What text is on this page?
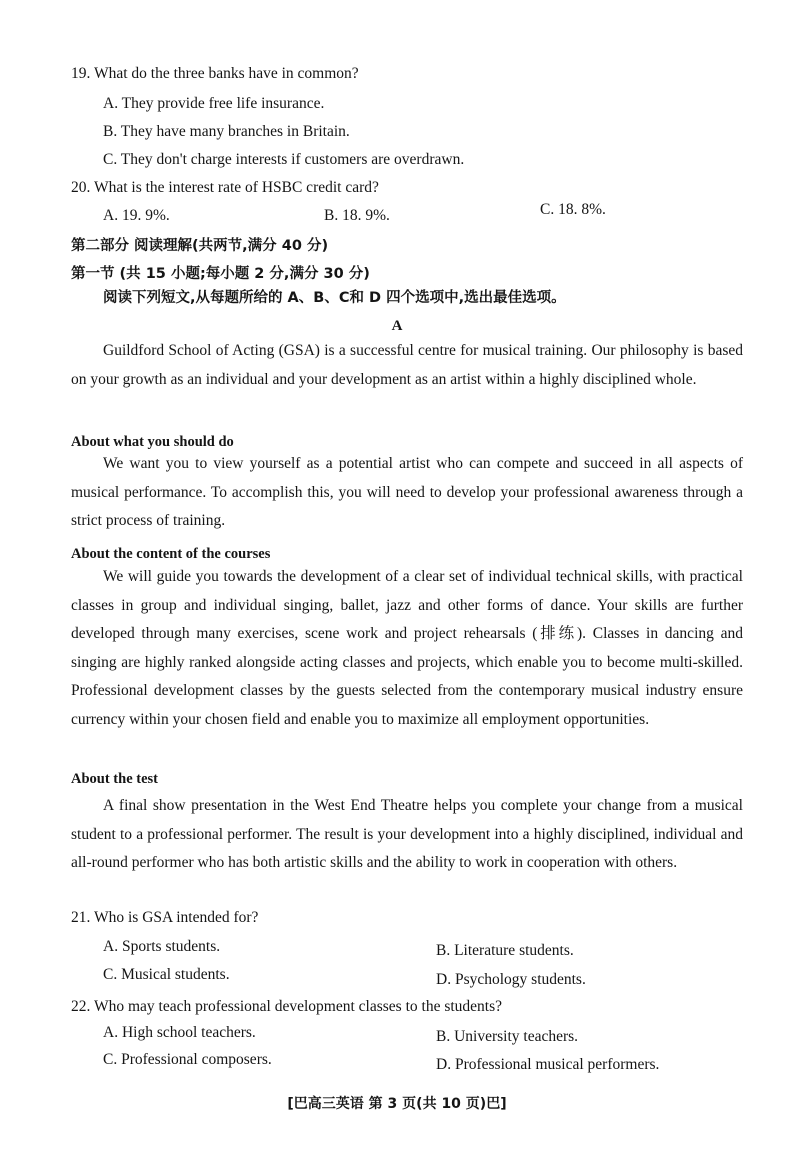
19. What do the three banks have in common?
A. They provide free life insurance.
B. They have many branches in Britain.
C. They don't charge interests if customers are overdrawn.
20. What is the interest rate of HSBC credit card?
A. 19. 9%.	B. 18. 9%.	C. 18. 8%.
第二部分 阅读理解(共两节,满分 40 分)
第一节 (共 15 小题;每小题 2 分,满分 30 分)
阅读下列短文,从每题所给的 A、B、C和 D 四个选项中,选出最佳选项。
A
Guildford School of Acting (GSA) is a successful centre for musical training. Our philosophy is based on your growth as an individual and your development as an artist within a highly disciplined whole.
About what you should do
We want you to view yourself as a potential artist who can compete and succeed in all aspects of musical performance. To accomplish this, you will need to develop your professional awareness through a strict process of training.
About the content of the courses
We will guide you towards the development of a clear set of individual technical skills, with practical classes in group and individual singing, ballet, jazz and other forms of dance. Your skills are further developed through many exercises, scene work and project rehearsals (排练). Classes in dancing and singing are highly ranked alongside acting classes and projects, which enable you to become multi-skilled. Professional development classes by the guests selected from the contemporary musical industry ensure currency within your chosen field and enable you to maximize all employment opportunities.
About the test
A final show presentation in the West End Theatre helps you complete your change from a musical student to a professional performer. The result is your development into a highly disciplined, individual and all-round performer who has both artistic skills and the ability to work in cooperation with others.
21. Who is GSA intended for?
A. Sports students.	B. Literature students.
C. Musical students.	D. Psychology students.
22. Who may teach professional development classes to the students?
A. High school teachers.	B. University teachers.
C. Professional composers.	D. Professional musical performers.
[巴高三英语 第 3 页(共 10 页)巴]
